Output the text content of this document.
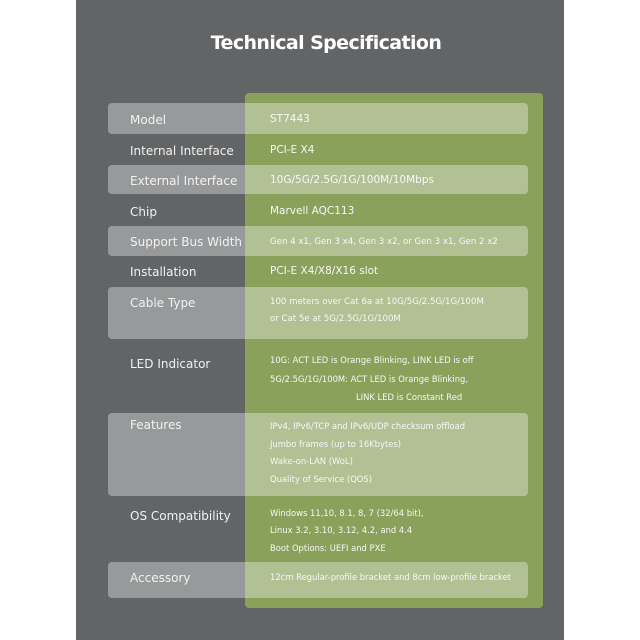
Technical Specification
Model	ST7443
Internal Interface	PCI-E X4
External Interface	10G/5G/2.5G/1G/100M/10Mbps
Chip	Marvell AQC113
Support Bus Width	Gen 4 x1, Gen 3 x4, Gen 3 x2, or Gen 3 x1, Gen 2 x2
Installation	PCI-E X4/X8/X16 slot
Cable Type	100 meters over Cat 6a at 10G/5G/2.5G/1G/100M
or Cat 5e at 5G/2.5G/1G/100M
LED Indicator	10G: ACT LED is Orange Blinking, LINK LED is off
5G/2.5G/1G/100M: ACT LED is Orange Blinking,
LINK LED is Constant Red
Features	IPv4, IPv6/TCP and IPv6/UDP checksum offload
Jumbo frames (up to 16Kbytes)
Wake-on-LAN (WoL)
Quality of Service (QOS)
OS Compatibility	Windows 11,10, 8.1, 8, 7 (32/64 bit),
Linux 3.2, 3.10, 3.12, 4.2, and 4.4
Boot Options: UEFI and PXE
Accessory	12cm Regular-profile bracket and 8cm low-profile bracket
